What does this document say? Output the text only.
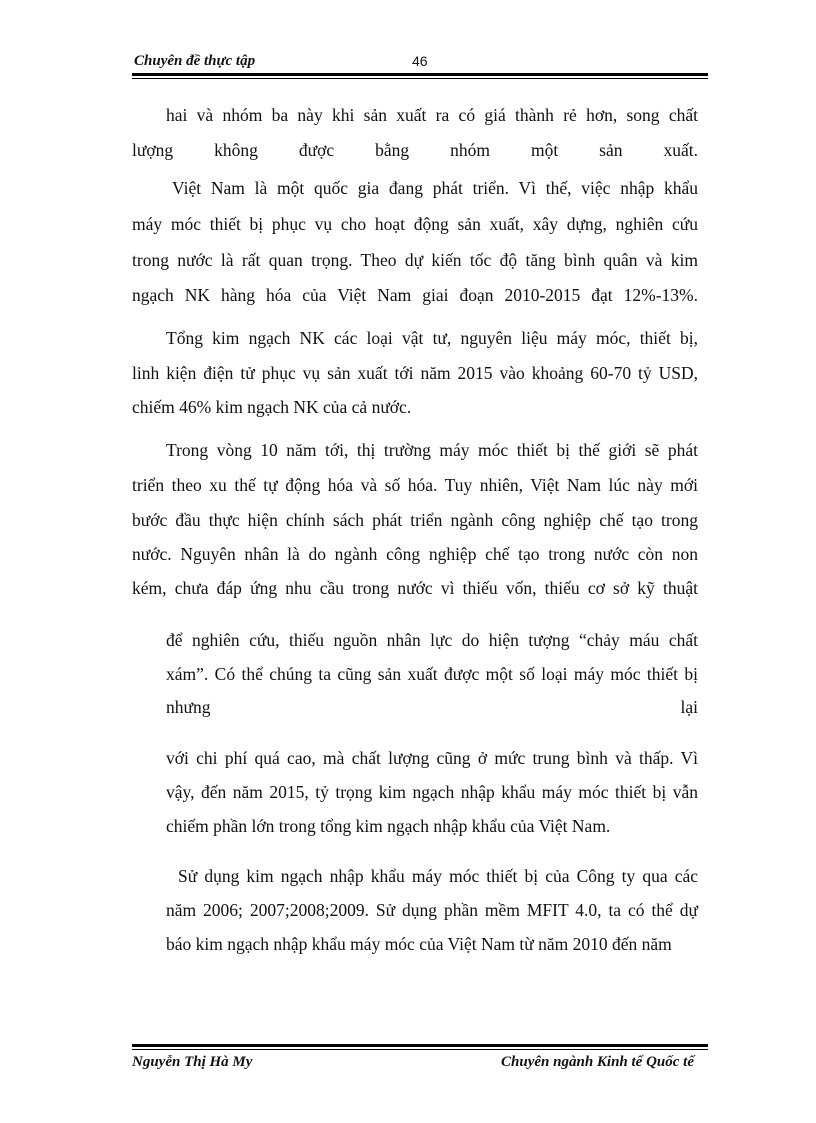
Chuyên đề thực tập	46
hai và nhóm ba này khi sản xuất ra có giá thành rẻ hơn, song chất
lượng không được bằng nhóm một sản xuất.
Việt Nam là một quốc gia đang phát triển. Vì thế, việc nhập khẩu
máy móc thiết bị phục vụ cho hoạt động sản xuất, xây dựng, nghiên cứu
trong nước là rất quan trọng. Theo dự kiến tốc độ tăng bình quân và kim
ngạch NK hàng hóa của Việt Nam giai đoạn 2010-2015 đạt 12%-13%.
Tổng kim ngạch NK các loại vật tư, nguyên liệu máy móc, thiết bị,
linh kiện điện tử phục vụ sản xuất tới năm 2015 vào khoảng 60-70 tỷ USD,
chiếm 46% kim ngạch NK của cả nước.
Trong vòng 10 năm tới, thị trường máy móc thiết bị thế giới sẽ phát
triển theo xu thế tự động hóa và số hóa. Tuy nhiên, Việt Nam lúc này mới
bước đầu thực hiện chính sách phát triển ngành công nghiệp chế tạo trong
nước. Nguyên nhân là do ngành công nghiệp chế tạo trong nước còn non
kém, chưa đáp ứng nhu cầu trong nước vì thiếu vốn, thiếu cơ sở kỹ thuật
để nghiên cứu, thiếu nguồn nhân lực do hiện tượng “chảy máu chất
xám”. Có thể chúng ta cũng sản xuất được một số loại máy móc thiết bị
nhưng lại
với chi phí quá cao, mà chất lượng cũng ở mức trung bình và thấp. Vì
vậy, đến năm 2015, tỷ trọng kim ngạch nhập khẩu máy móc thiết bị vẫn
chiếm phần lớn trong tổng kim ngạch nhập khẩu của Việt Nam.
Sử dụng kim ngạch nhập khẩu máy móc thiết bị của Công ty qua các
năm 2006; 2007;2008;2009. Sử dụng phần mềm MFIT 4.0, ta có thể dự
báo kim ngạch nhập khẩu máy móc của Việt Nam từ năm 2010 đến năm
Nguyễn Thị Hà My	Chuyên ngành Kinh tế Quốc tế
